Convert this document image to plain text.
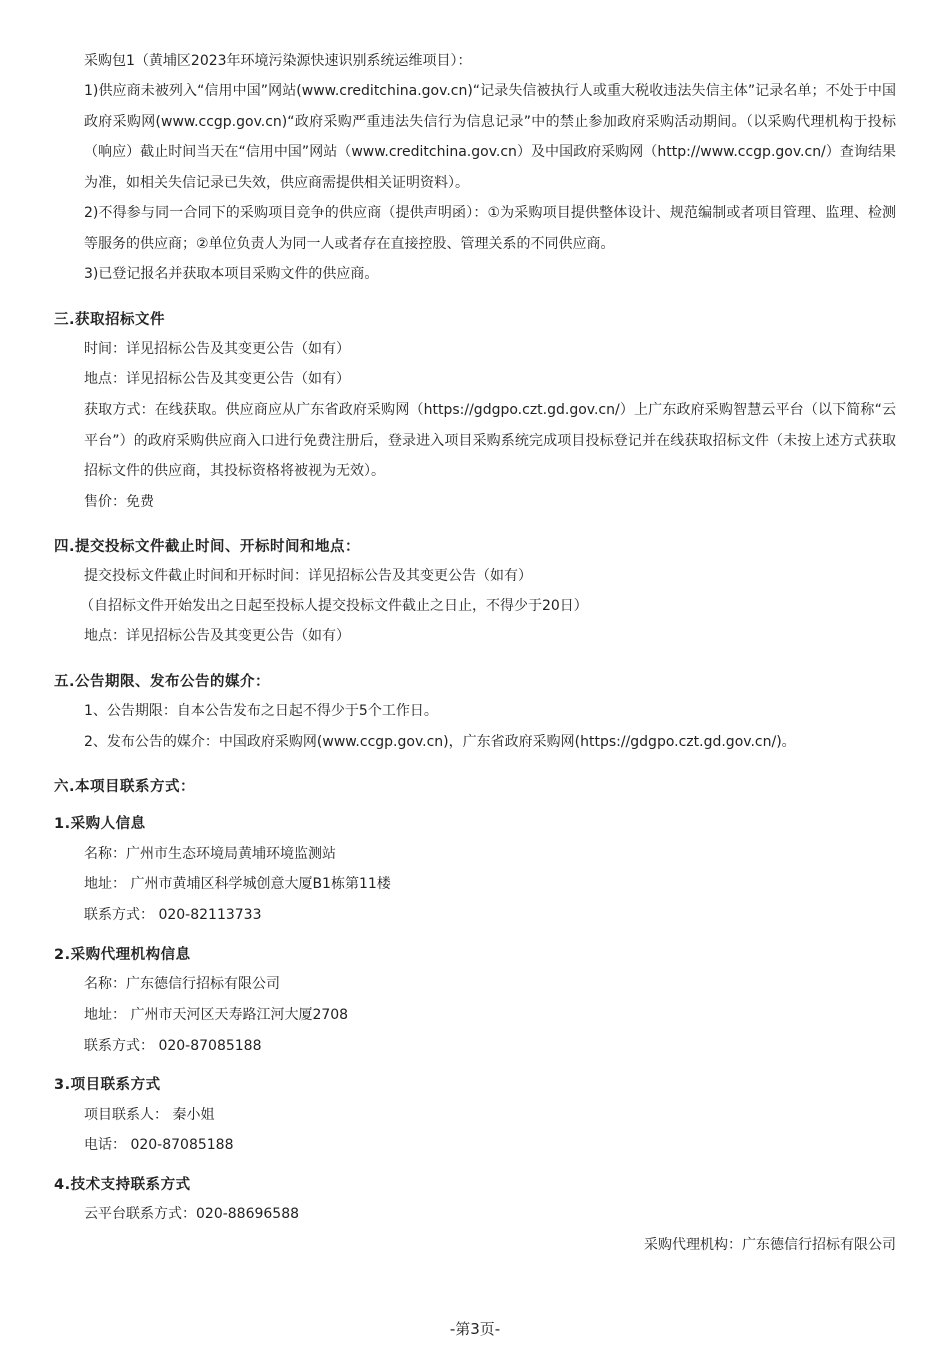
采购包1（黄埔区2023年环境污染源快速识别系统运维项目）：
1)供应商未被列入“信用中国”网站(www.creditchina.gov.cn)“记录失信被执行人或重大税收违法失信主体”记录名单；不处于中国政府采购网(www.ccgp.gov.cn)“政府采购严重违法失信行为信息记录”中的禁止参加政府采购活动期间。（以采购代理机构于投标（响应）截止时间当天在“信用中国”网站（www.creditchina.gov.cn）及中国政府采购网（http://www.ccgp.gov.cn/）查询结果为准，如相关失信记录已失效，供应商需提供相关证明资料）。
2)不得参与同一合同下的采购项目竞争的供应商（提供声明函）：①为采购项目提供整体设计、规范编制或者项目管理、监理、检测等服务的供应商；②单位负责人为同一人或者存在直接控股、管理关系的不同供应商。
3)已登记报名并获取本项目采购文件的供应商。
三.获取招标文件
时间：详见招标公告及其变更公告（如有）
地点：详见招标公告及其变更公告（如有）
获取方式：在线获取。供应商应从广东省政府采购网（https://gdgpo.czt.gd.gov.cn/）上广东政府采购智慧云平台（以下简称“云平台”）的政府采购供应商入口进行免费注册后，登录进入项目采购系统完成项目投标登记并在线获取招标文件（未按上述方式获取招标文件的供应商，其投标资格将被视为无效）。
售价：免费
四.提交投标文件截止时间、开标时间和地点：
提交投标文件截止时间和开标时间：详见招标公告及其变更公告（如有）
（自招标文件开始发出之日起至投标人提交投标文件截止之日止，不得少于20日）
地点：详见招标公告及其变更公告（如有）
五.公告期限、发布公告的媒介：
1、公告期限：自本公告发布之日起不得少于5个工作日。
2、发布公告的媒介：中国政府采购网(www.ccgp.gov.cn)，广东省政府采购网(https://gdgpo.czt.gd.gov.cn/)。
六.本项目联系方式：
1.采购人信息
名称：广州市生态环境局黄埔环境监测站
地址： 广州市黄埔区科学城创意大厦B1栋第11楼
联系方式： 020-82113733
2.采购代理机构信息
名称：广东德信行招标有限公司
地址： 广州市天河区天寿路江河大厦2708
联系方式： 020-87085188
3.项目联系方式
项目联系人： 秦小姐
电话： 020-87085188
4.技术支持联系方式
云平台联系方式：020-88696588
采购代理机构：广东德信行招标有限公司
-第3页-
